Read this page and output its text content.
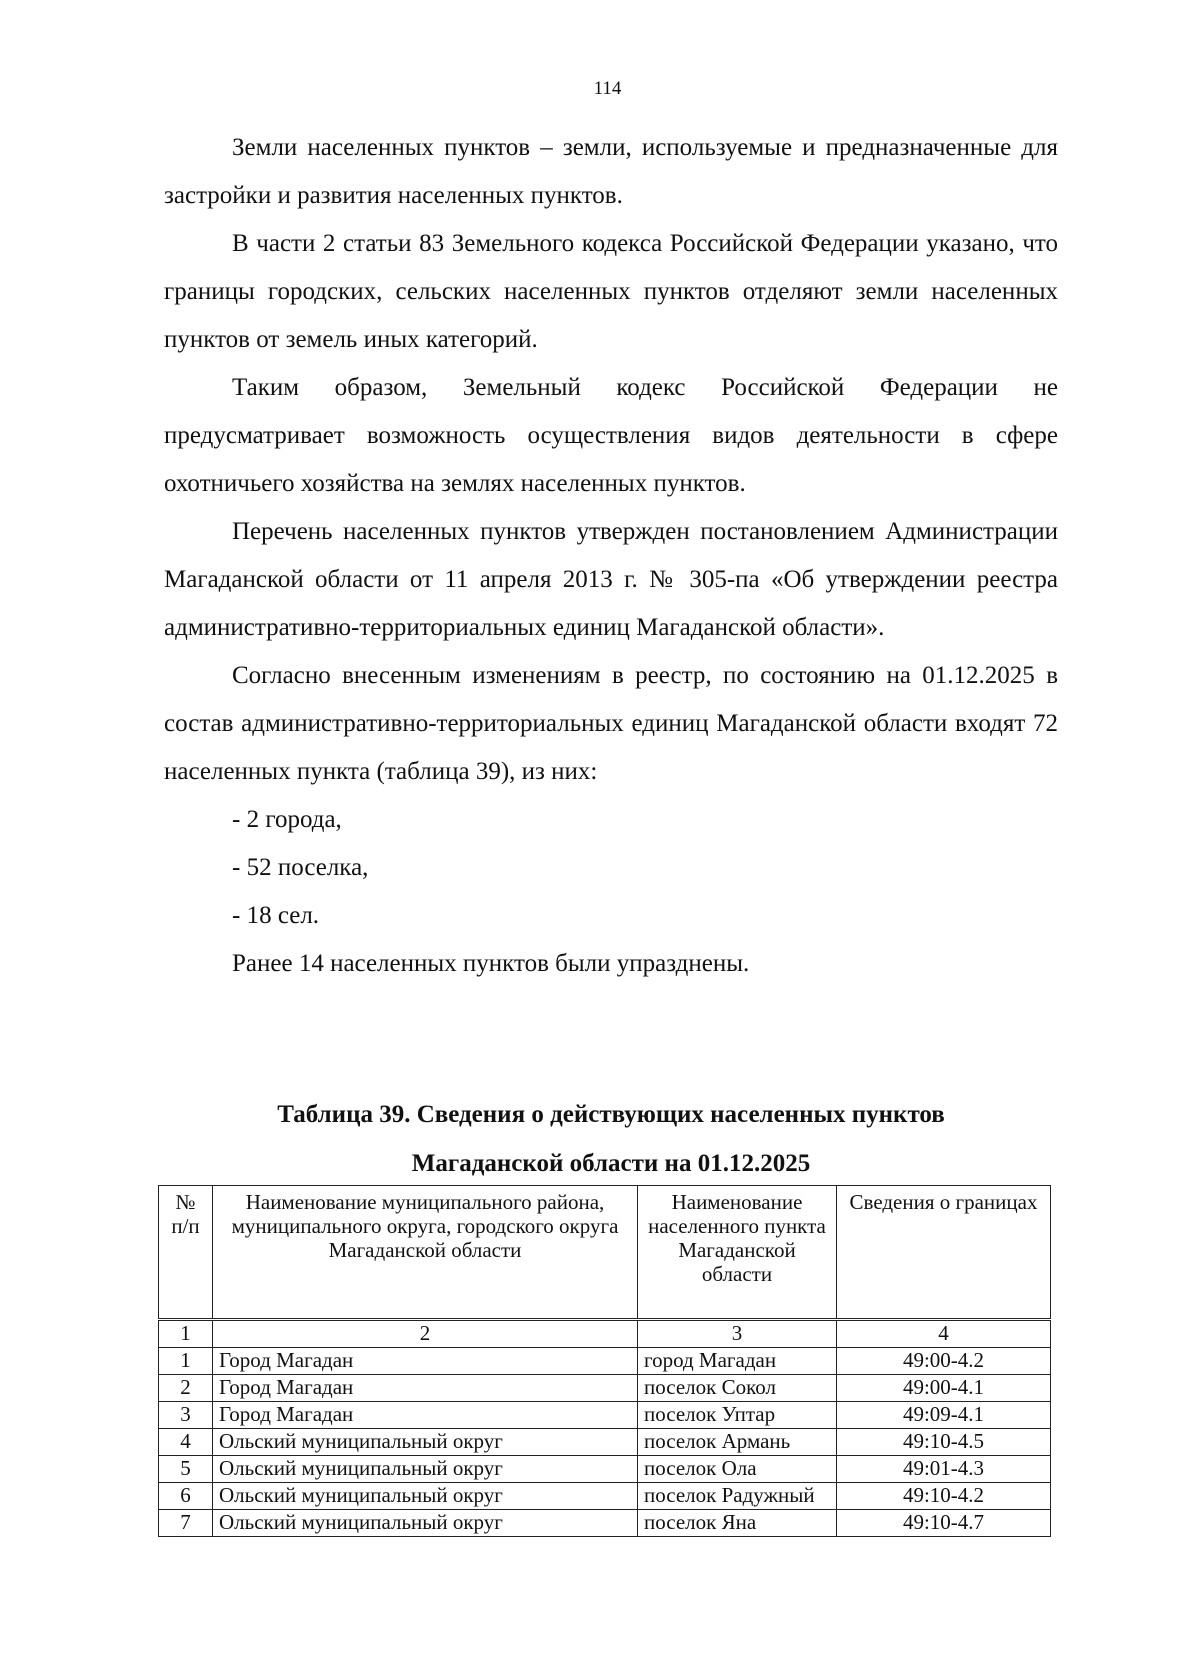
114

Земли населенных пунктов – земли, используемые и предназначенные для застройки и развития населенных пунктов.

В части 2 статьи 83 Земельного кодекса Российской Федерации указано, что границы городских, сельских населенных пунктов отделяют земли населенных пунктов от земель иных категорий.

Таким образом, Земельный кодекс Российской Федерации не предусматривает возможность осуществления видов деятельности в сфере охотничьего хозяйства на землях населенных пунктов.

Перечень населенных пунктов утвержден постановлением Администрации Магаданской области от 11 апреля 2013 г. № 305-па «Об утверждении реестра административно-территориальных единиц Магаданской области».

Согласно внесенным изменениям в реестр, по состоянию на 01.12.2025 в состав административно-территориальных единиц Магаданской области входят 72 населенных пункта (таблица 39), из них:

- 2 города,

- 52 поселка,

- 18 сел.

Ранее 14 населенных пунктов были упразднены.

Таблица 39. Сведения о действующих населенных пунктов
Магаданской области на 01.12.2025
№ п/п	Наименование муниципального района, муниципального округа, городского округа Магаданской области	Наименование населенного пункта Магаданской области	Сведения о границах
1	2	3	4
1	Город Магадан	город Магадан	49:00-4.2
2	Город Магадан	поселок Сокол	49:00-4.1
3	Город Магадан	поселок Уптар	49:09-4.1
4	Ольский муниципальный округ	поселок Армань	49:10-4.5
5	Ольский муниципальный округ	поселок Ола	49:01-4.3
6	Ольский муниципальный округ	поселок Радужный	49:10-4.2
7	Ольский муниципальный округ	поселок Яна	49:10-4.7
